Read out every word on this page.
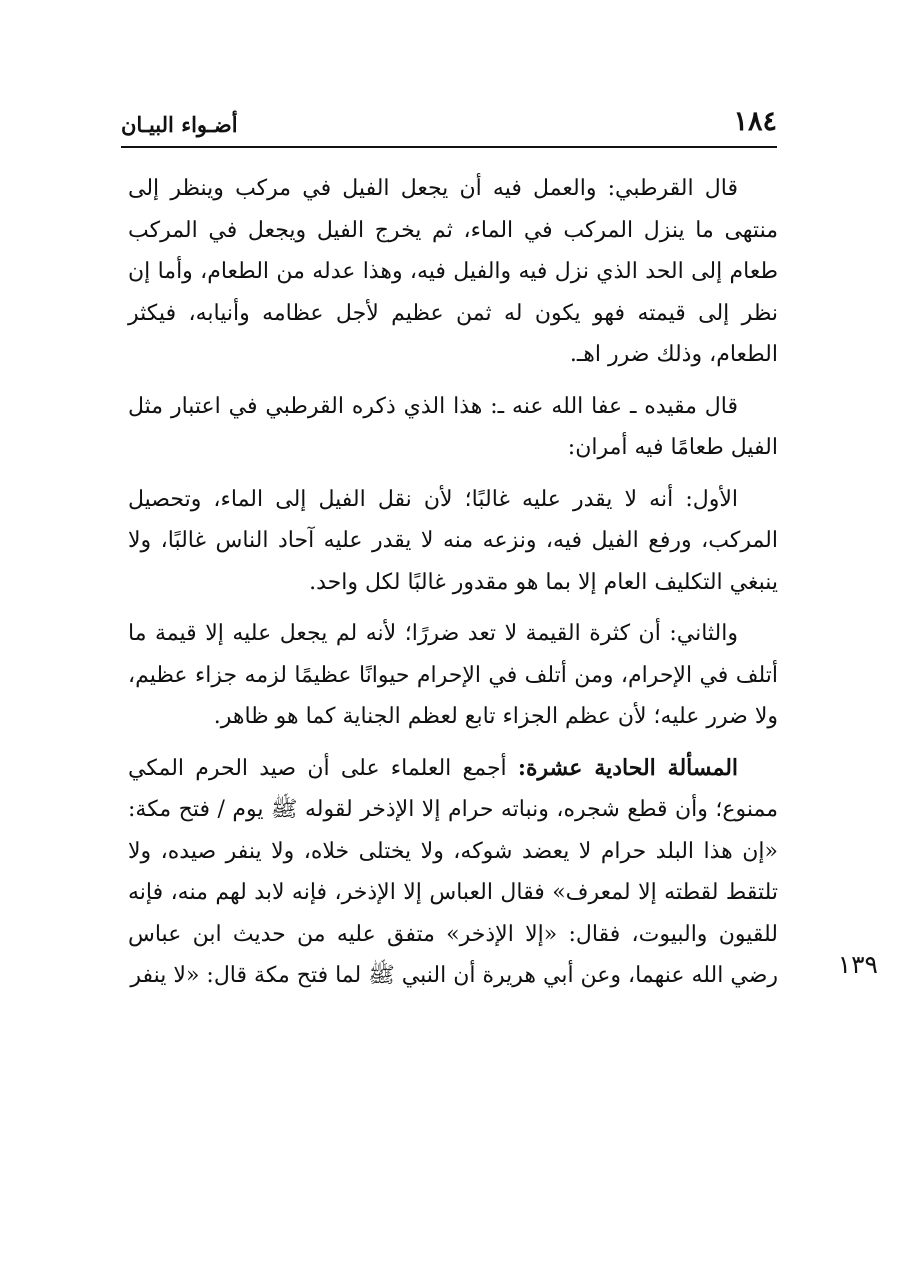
١٨٤
أضـواء البيـان
١٣٩

قال القرطبي: والعمل فيه أن يجعل الفيل في مركب وينظر إلى منتهى ما ينزل المركب في الماء، ثم يخرج الفيل ويجعل في المركب طعام إلى الحد الذي نزل فيه والفيل فيه، وهذا عدله من الطعام، وأما إن نظر إلى قيمته فهو يكون له ثمن عظيم لأجل عظامه وأنيابه، فيكثر الطعام، وذلك ضرر اهـ.

قال مقيده ـ عفا الله عنه ـ: هذا الذي ذكره القرطبي في اعتبار مثل الفيل طعامًا فيه أمران:

الأول: أنه لا يقدر عليه غالبًا؛ لأن نقل الفيل إلى الماء، وتحصيل المركب، ورفع الفيل فيه، ونزعه منه لا يقدر عليه آحاد الناس غالبًا، ولا ينبغي التكليف العام إلا بما هو مقدور غالبًا لكل واحد.

والثاني: أن كثرة القيمة لا تعد ضررًا؛ لأنه لم يجعل عليه إلا قيمة ما أتلف في الإحرام، ومن أتلف في الإحرام حيوانًا عظيمًا لزمه جزاء عظيم، ولا ضرر عليه؛ لأن عظم الجزاء تابع لعظم الجناية كما هو ظاهر.

المسألة الحادية عشرة: أجمع العلماء على أن صيد الحرم المكي ممنوع؛ وأن قطع شجره، ونباته حرام إلا الإذخر لقوله ﷺ يوم / فتح مكة: «إن هذا البلد حرام لا يعضد شوكه، ولا يختلى خلاه، ولا ينفر صيده، ولا تلتقط لقطته إلا لمعرف» فقال العباس إلا الإذخر، فإنه لابد لهم منه، فإنه للقيون والبيوت، فقال: «إلا الإذخر» متفق عليه من حديث ابن عباس رضي الله عنهما، وعن أبي هريرة أن النبي ﷺ لما فتح مكة قال: «لا ينفر
